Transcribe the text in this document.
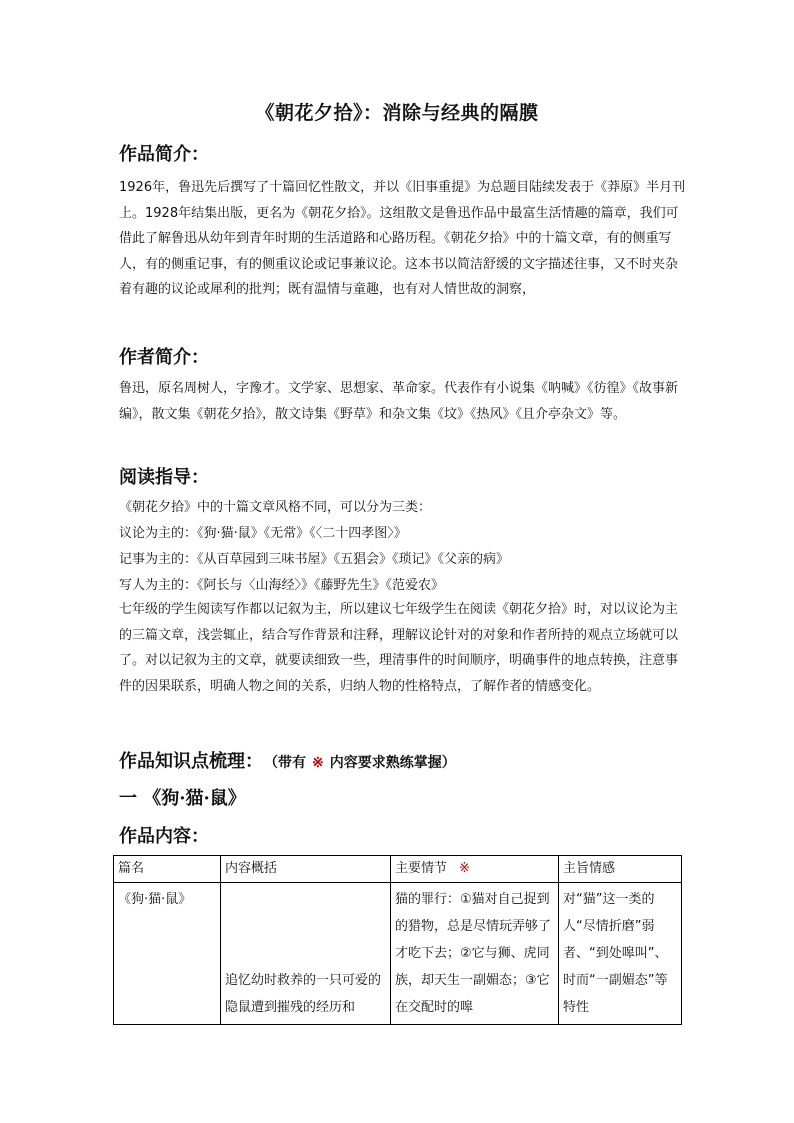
《朝花夕拾》：消除与经典的隔膜
作品简介：
1926年，鲁迅先后撰写了十篇回忆性散文，并以《旧事重提》为总题目陆续发表于《莽原》半月刊上。1928年结集出版，更名为《朝花夕拾》。这组散文是鲁迅作品中最富生活情趣的篇章，我们可借此了解鲁迅从幼年到青年时期的生活道路和心路历程。《朝花夕拾》中的十篇文章，有的侧重写人，有的侧重记事，有的侧重议论或记事兼议论。这本书以简洁舒缓的文字描述往事，又不时夹杂着有趣的议论或犀利的批判；既有温情与童趣，也有对人情世故的洞察，
作者简介：
鲁迅，原名周树人，字豫才。文学家、思想家、革命家。代表作有小说集《呐喊》《彷徨》《故事新编》，散文集《朝花夕拾》，散文诗集《野草》和杂文集《坟》《热风》《且介亭杂文》等。
阅读指导：
《朝花夕拾》中的十篇文章风格不同，可以分为三类：
议论为主的：《狗·猫·鼠》《无常》《〈二十四孝图〉》
记事为主的：《从百草园到三味书屋》《五猖会》《琐记》《父亲的病》
写人为主的：《阿长与〈山海经〉》《藤野先生》《范爱农》
七年级的学生阅读写作都以记叙为主，所以建议七年级学生在阅读《朝花夕拾》时，对以议论为主的三篇文章，浅尝辄止，结合写作背景和注释，理解议论针对的对象和作者所持的观点立场就可以了。对以记叙为主的文章，就要读细致一些，理清事件的时间顺序，明确事件的地点转换，注意事件的因果联系，明确人物之间的关系，归纳人物的性格特点，了解作者的情感变化。
作品知识点梳理： （带有 ※ 内容要求熟练掌握）
一 《狗·猫·鼠》
作品内容：
篇名	内容概括	主要情节 ※	主旨情感
《狗·猫·鼠》	追忆幼时救养的一只可爱的隐鼠遭到摧残的经历和	猫的罪行：①猫对自己捉到的猎物，总是尽情玩弄够了才吃下去；②它与狮、虎同族，却天生一副媚态；③它在交配时的嗥	对“猫”这一类的人“尽情折磨”弱者、“到处嗥叫”、时而“一副媚态”等特性
